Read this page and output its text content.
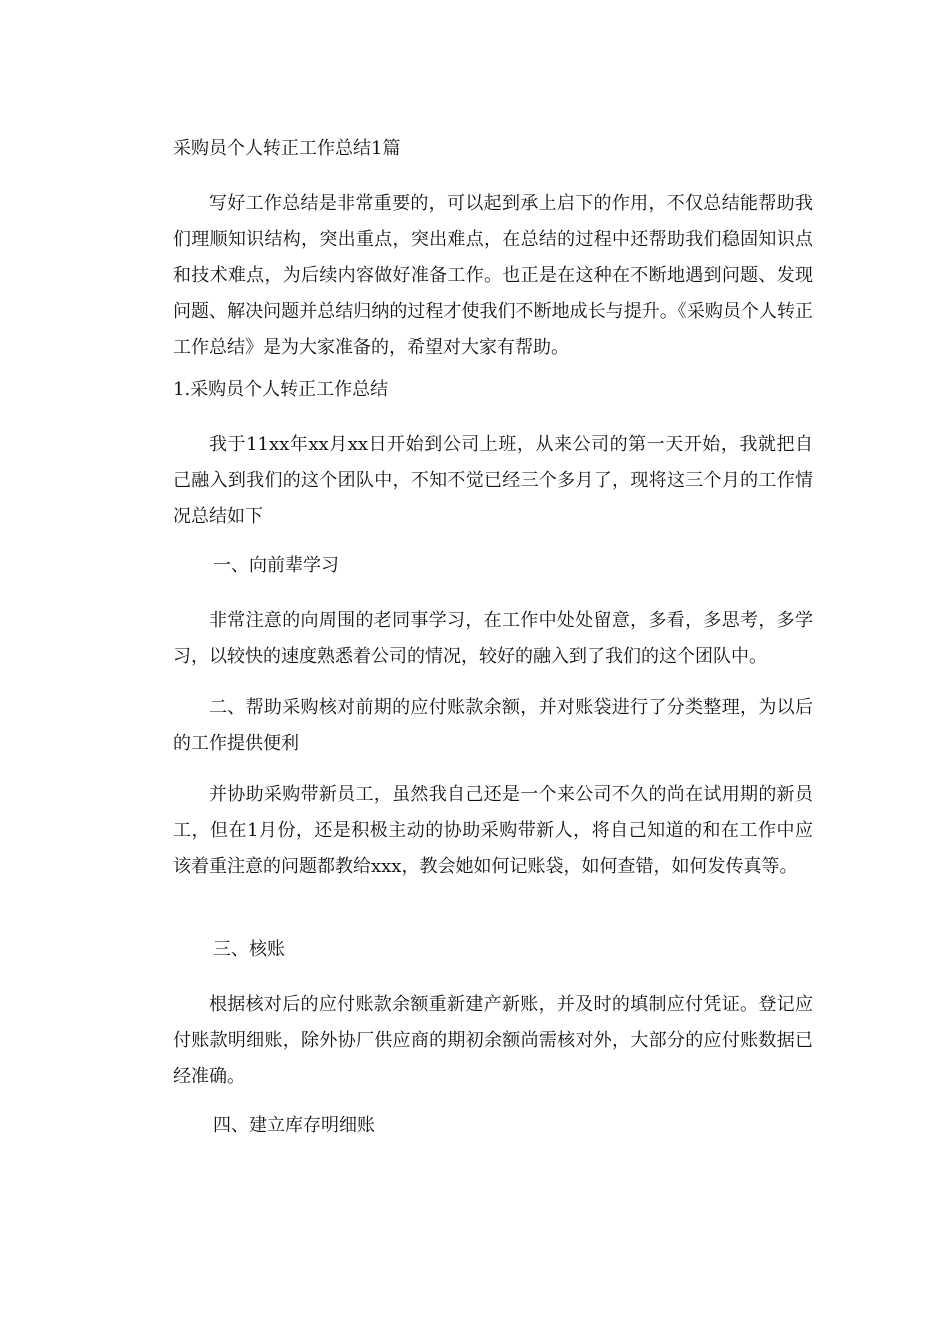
采购员个人转正工作总结1篇

写好工作总结是非常重要的，可以起到承上启下的作用，不仅总结能帮助我们理顺知识结构，突出重点，突出难点，在总结的过程中还帮助我们稳固知识点和技术难点，为后续内容做好准备工作。也正是在这种在不断地遇到问题、发现问题、解决问题并总结归纳的过程才使我们不断地成长与提升。《采购员个人转正工作总结》是为大家准备的，希望对大家有帮助。

1.采购员个人转正工作总结

我于11xx年xx月xx日开始到公司上班，从来公司的第一天开始，我就把自己融入到我们的这个团队中，不知不觉已经三个多月了，现将这三个月的工作情况总结如下

一、向前辈学习

非常注意的向周围的老同事学习，在工作中处处留意，多看，多思考，多学习，以较快的速度熟悉着公司的情况，较好的融入到了我们的这个团队中。

二、帮助采购核对前期的应付账款余额，并对账袋进行了分类整理，为以后的工作提供便利

并协助采购带新员工，虽然我自己还是一个来公司不久的尚在试用期的新员工，但在1月份，还是积极主动的协助采购带新人，将自己知道的和在工作中应该着重注意的问题都教给xxx，教会她如何记账袋，如何查错，如何发传真等。

三、核账

根据核对后的应付账款余额重新建产新账，并及时的填制应付凭证。登记应付账款明细账，除外协厂供应商的期初余额尚需核对外，大部分的应付账数据已经准确。

四、建立库存明细账
